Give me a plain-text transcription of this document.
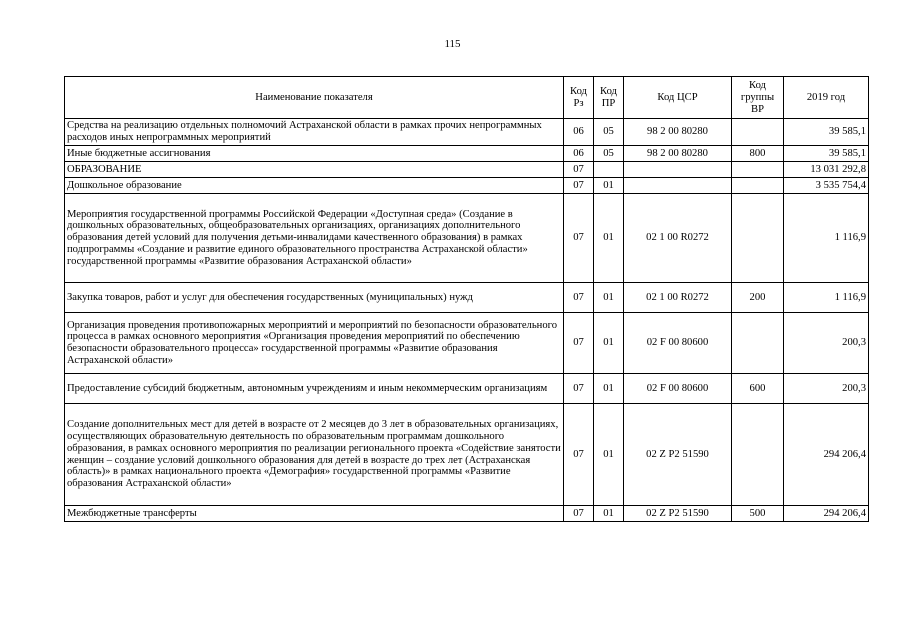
115
Наименование показателя	Код Рз	Код ПР	Код ЦСР	Код группы ВР	2019 год
Средства на реализацию отдельных полномочий Астраханской области в рамках прочих непрограммных расходов иных непрограммных мероприятий	06	05	98 2 00 80280		39 585,1
Иные бюджетные ассигнования	06	05	98 2 00 80280	800	39 585,1
ОБРАЗОВАНИЕ	07				13 031 292,8
Дошкольное образование	07	01			3 535 754,4
Мероприятия государственной программы Российской Федерации «Доступная среда» (Создание в дошкольных образовательных, общеобразовательных организациях, организациях дополнительного образования детей условий для получения детьми-инвалидами качественного образования) в рамках подпрограммы «Создание и развитие единого образовательного пространства Астраханской области» государственной программы «Развитие образования Астраханской области»	07	01	02 1 00 R0272		1 116,9
Закупка товаров, работ и услуг для обеспечения государственных (муниципальных) нужд	07	01	02 1 00 R0272	200	1 116,9
Организация проведения противопожарных мероприятий и мероприятий по безопасности образовательного процесса в рамках основного мероприятия «Организация проведения мероприятий по обеспечению безопасности образовательного процесса» государственной программы «Развитие образования Астраханской области»	07	01	02 F 00 80600		200,3
Предоставление субсидий бюджетным, автономным учреждениям и иным некоммерческим организациям	07	01	02 F 00 80600	600	200,3
Создание дополнительных мест для детей в возрасте от 2 месяцев до 3 лет в образовательных организациях, осуществляющих образовательную деятельность по образовательным программам дошкольного образования, в рамках основного мероприятия по реализации регионального проекта «Содействие занятости женщин – создание условий дошкольного образования для детей в возрасте до трех лет (Астраханская область)» в рамках национального проекта «Демография» государственной программы «Развитие образования Астраханской области»	07	01	02 Z P2 51590		294 206,4
Межбюджетные трансферты	07	01	02 Z P2 51590	500	294 206,4
